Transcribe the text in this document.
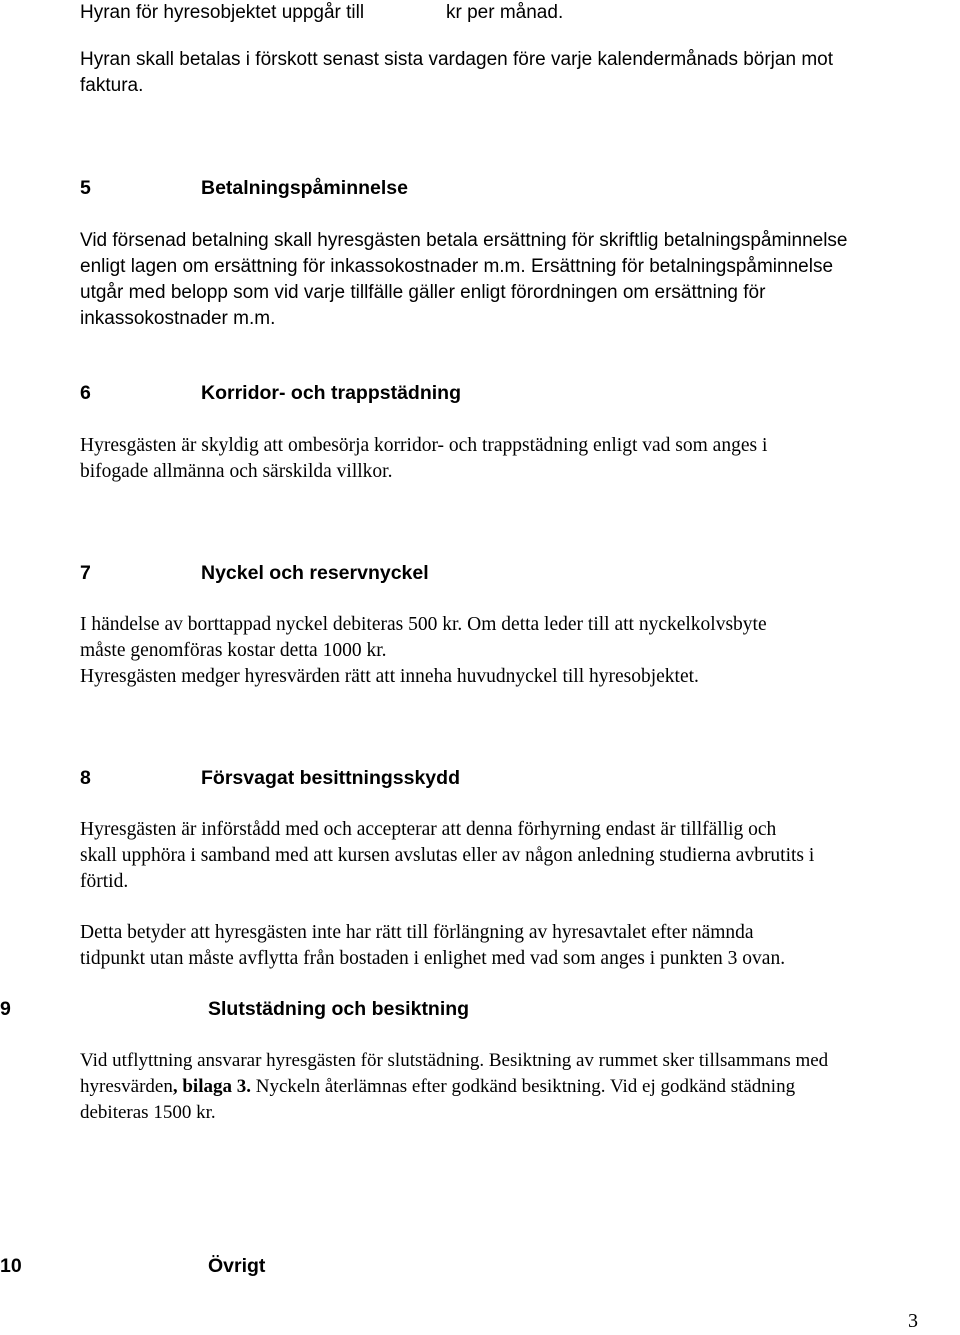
Hyran för hyresobjektet uppgår till	kr per månad.
Hyran skall betalas i förskott senast sista vardagen före varje kalendermånads början mot
faktura.
5	Betalningspåminnelse
Vid försenad betalning skall hyresgästen betala ersättning för skriftlig betalningspåminnelse
enligt lagen om ersättning för inkassokostnader m.m. Ersättning för betalningspåminnelse
utgår med belopp som vid varje tillfälle gäller enligt förordningen om ersättning för
inkassokostnader m.m.
6	Korridor- och trappstädning
Hyresgästen är skyldig att ombesörja korridor- och trappstädning enligt vad som anges i
bifogade allmänna och särskilda villkor.
7	Nyckel och reservnyckel
I händelse av borttappad nyckel debiteras 500 kr. Om detta leder till att nyckelkolvsbyte
måste genomföras kostar detta 1000 kr.
Hyresgästen medger hyresvärden rätt att inneha huvudnyckel till hyresobjektet.
8	Försvagat besittningsskydd
Hyresgästen är införstådd med och accepterar att denna förhyrning endast är tillfällig och
skall upphöra i samband med att kursen avslutas eller av någon anledning studierna avbrutits i
förtid.
Detta betyder att hyresgästen inte har rätt till förlängning av hyresavtalet efter nämnda
tidpunkt utan måste avflytta från bostaden i enlighet med vad som anges i punkten 3 ovan.
9	Slutstädning och besiktning
Vid utflyttning ansvarar hyresgästen för slutstädning. Besiktning av rummet sker tillsammans med
hyresvärden, bilaga 3. Nyckeln återlämnas efter godkänd besiktning. Vid ej godkänd städning
debiteras 1500 kr.
10	Övrigt
3
